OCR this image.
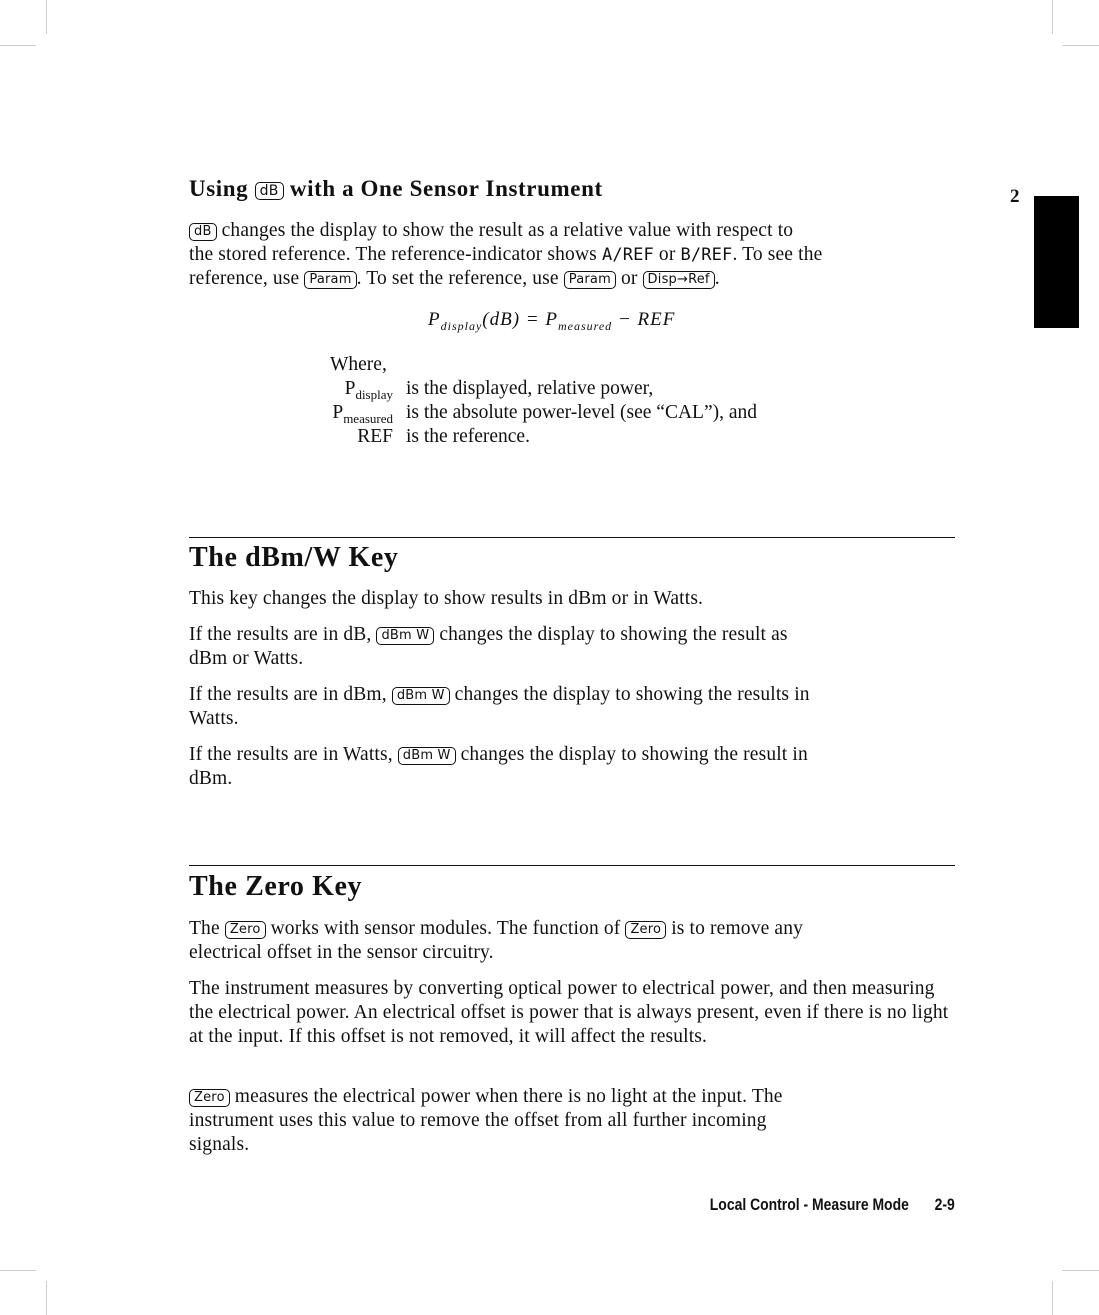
2
Using dB with a One Sensor Instrument

dB changes the display to show the result as a relative value with respect to
the stored reference. The reference-indicator shows A/REF or B/REF. To see the
reference, use Param . To set the reference, use Param or Disp→Ref .

$P_{display}(dB) = P_{measured}$ − REF
Where,
$P_{display}$ is the displayed, relative power,
$P_{measured}$ is the absolute power-level (see “CAL”), and
REF is the reference.
The dBm/W Key

This key changes the display to show results in dBm or in Watts.

If the results are in dB, dBm W changes the display to showing the result as
dBm or Watts.

If the results are in dBm, dBm W changes the display to showing the results in
Watts.

If the results are in Watts, dBm W changes the display to showing the result in
dBm.

The Zero Key

The Zero works with sensor modules. The function of Zero is to remove any
electrical offset in the sensor circuitry.

The instrument measures by converting optical power to electrical power, and then measuring the electrical power. An electrical offset is power that is always present, even if there is no light at the input. If this offset is not removed, it will affect the results.

Zero measures the electrical power when there is no light at the input. The
instrument uses this value to remove the offset from all further incoming
signals.

Local Control - Measure Mode 2-9
